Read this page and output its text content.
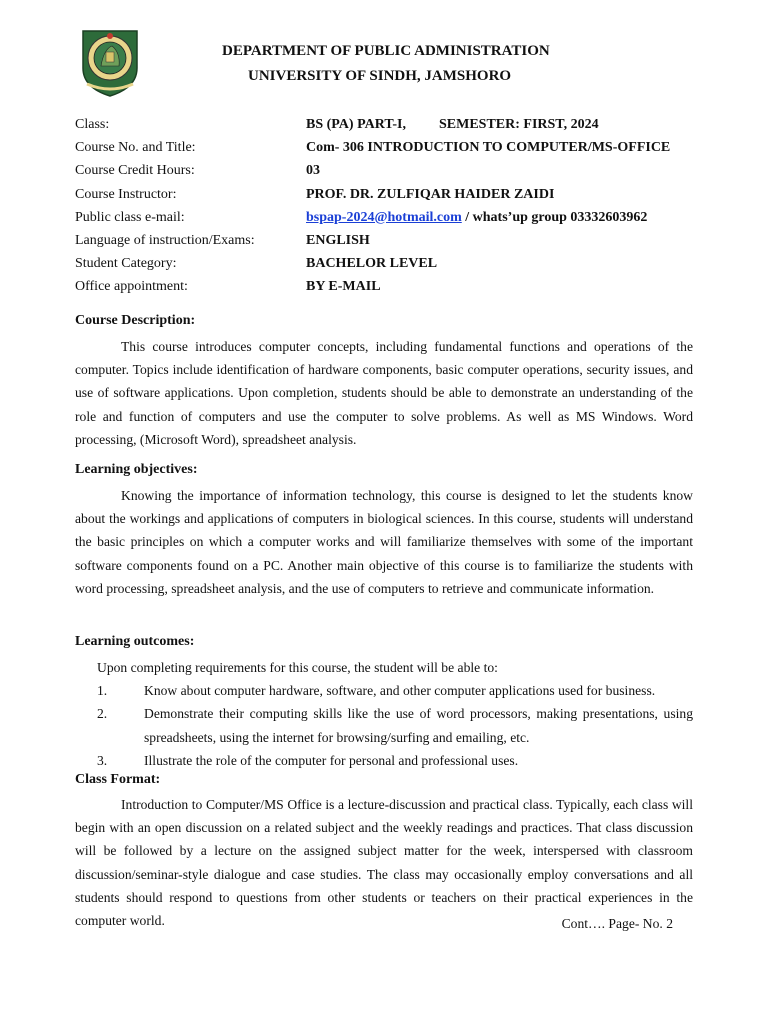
DEPARTMENT OF PUBLIC ADMINISTRATION
UNIVERSITY OF SINDH, JAMSHORO
Class:	BS (PA) PART-I, SEMESTER: FIRST, 2024
Course No. and Title:	Com- 306 INTRODUCTION TO COMPUTER/MS-OFFICE
Course Credit Hours:	03
Course Instructor:	PROF. DR. ZULFIQAR HAIDER ZAIDI
Public class e-mail:	bspap-2024@hotmail.com / whats’up group 03332603962
Language of instruction/Exams:	ENGLISH
Student Category:	BACHELOR LEVEL
Office appointment:	BY E-MAIL
Course Description:

This course introduces computer concepts, including fundamental functions and operations of the computer. Topics include identification of hardware components, basic computer operations, security issues, and use of software applications. Upon completion, students should be able to demonstrate an understanding of the role and function of computers and use the computer to solve problems. As well as MS Windows. Word processing, (Microsoft Word), spreadsheet analysis.

Learning objectives:

Knowing the importance of information technology, this course is designed to let the students know about the workings and applications of computers in biological sciences. In this course, students will understand the basic principles on which a computer works and will familiarize themselves with some of the important software components found on a PC. Another main objective of this course is to familiarize the students with word processing, spreadsheet analysis, and the use of computers to retrieve and communicate information.

Learning outcomes:

Upon completing requirements for this course, the student will be able to:

1.	Know about computer hardware, software, and other computer applications used for business.
2.	Demonstrate their computing skills like the use of word processors, making presentations, using spreadsheets, using the internet for browsing/surfing and emailing, etc.
3.	Illustrate the role of the computer for personal and professional uses.
Class Format:

Introduction to Computer/MS Office is a lecture-discussion and practical class. Typically, each class will begin with an open discussion on a related subject and the weekly readings and practices. That class discussion will be followed by a lecture on the assigned subject matter for the week, interspersed with classroom discussion/seminar-style dialogue and case studies. The class may occasionally employ conversations and all students should respond to questions from other students or teachers on their practical experiences in the computer world.	Cont…. Page- No. 2
